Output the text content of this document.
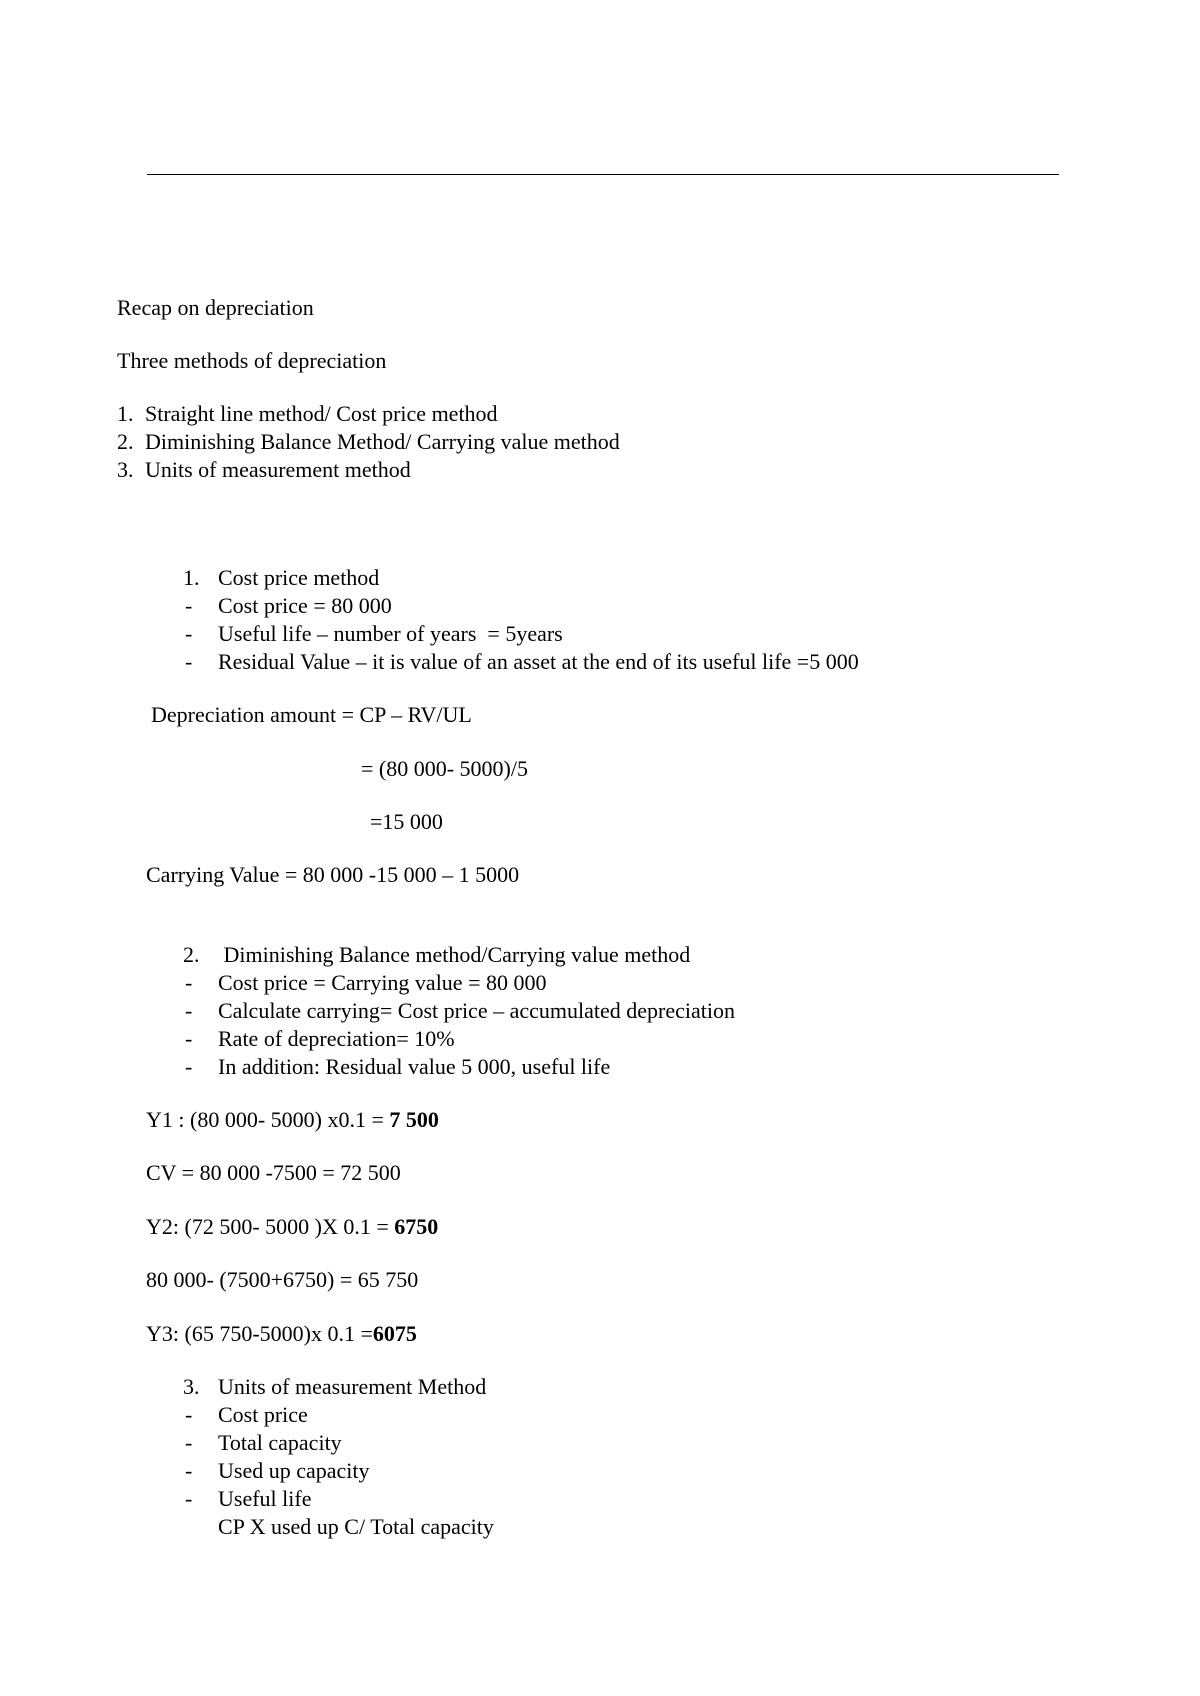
Recap on depreciation
Three methods of depreciation
1. Straight line method/ Cost price method
2. Diminishing Balance Method/ Carrying value method
3. Units of measurement method
1. Cost price method
- Cost price = 80 000
- Useful life – number of years  = 5years
- Residual Value – it is value of an asset at the end of its useful life =5 000
Depreciation amount = CP – RV/UL
= (80 000- 5000)/5
=15 000
Carrying Value = 80 000 -15 000 – 1 5000
2. Diminishing Balance method/Carrying value method
- Cost price = Carrying value = 80 000
- Calculate carrying= Cost price – accumulated depreciation
- Rate of depreciation= 10%
- In addition: Residual value 5 000, useful life
Y1 : (80 000- 5000) x0.1 = 7 500
CV = 80 000 -7500 = 72 500
Y2: (72 500- 5000 )X 0.1 = 6750
80 000- (7500+6750) = 65 750
Y3: (65 750-5000)x 0.1 =6075
3. Units of measurement Method
- Cost price
- Total capacity
- Used up capacity
- Useful life
CP X used up C/ Total capacity
